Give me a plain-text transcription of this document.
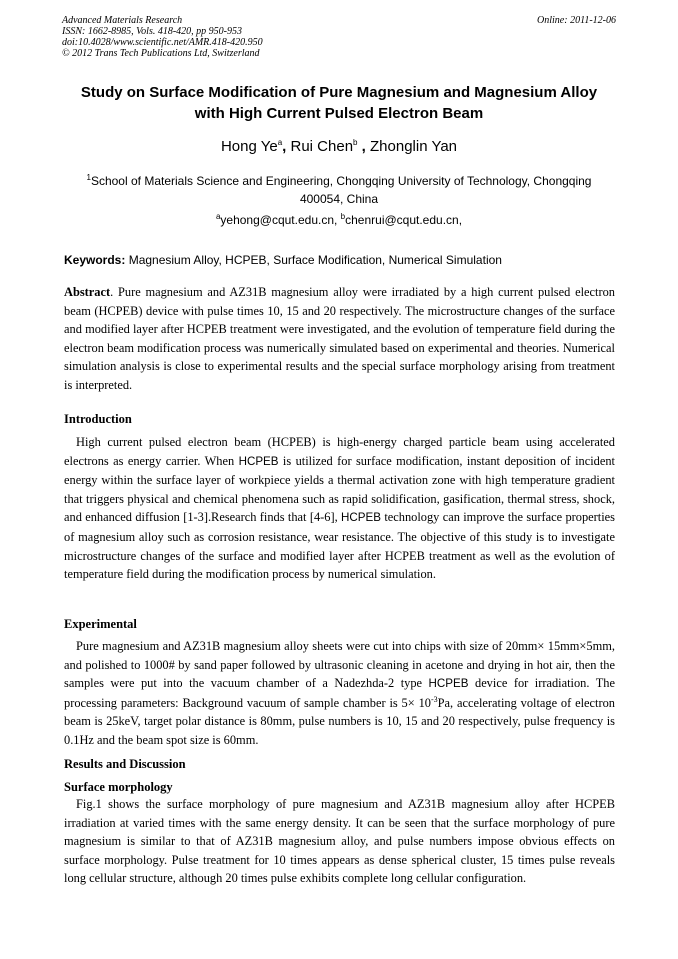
Advanced Materials Research
ISSN: 1662-8985, Vols. 418-420, pp 950-953
doi:10.4028/www.scientific.net/AMR.418-420.950
© 2012 Trans Tech Publications Ltd, Switzerland
Online: 2011-12-06
Study on Surface Modification of Pure Magnesium and Magnesium Alloy
with High Current Pulsed Electron Beam
Hong Ye$^a$, Rui Chen$^b$ , Zhonglin Yan
$^1$School of Materials Science and Engineering, Chongqing University of Technology, Chongqing
400054, China
$^a$yehong@cqut.edu.cn, $^b$chenrui@cqut.edu.cn,
Keywords: Magnesium Alloy, HCPEB, Surface Modification, Numerical Simulation
Abstract. Pure magnesium and AZ31B magnesium alloy were irradiated by a high current pulsed electron beam (HCPEB) device with pulse times 10, 15 and 20 respectively. The microstructure changes of the surface and modified layer after HCPEB treatment were investigated, and the evolution of temperature field during the electron beam modification process was numerically simulated based on experimental and theories. Numerical simulation analysis is close to experimental results and the special surface morphology arising from treatment is interpreted.
Introduction

High current pulsed electron beam (HCPEB) is high-energy charged particle beam using accelerated electrons as energy carrier. When HCPEB is utilized for surface modification, instant deposition of incident energy within the surface layer of workpiece yields a thermal activation zone with high temperature gradient that triggers physical and chemical phenomena such as rapid solidification, gasification, thermal stress, shock, and enhanced diffusion [1-3].Research finds that [4-6], HCPEB technology can improve the surface properties of magnesium alloy such as corrosion resistance, wear resistance. The objective of this study is to investigate microstructure changes of the surface and modified layer after HCPEB treatment as well as the evolution of temperature field during the modification process by numerical simulation.

Experimental

Pure magnesium and AZ31B magnesium alloy sheets were cut into chips with size of 20mm× 15mm×5mm, and polished to 1000# by sand paper followed by ultrasonic cleaning in acetone and drying in hot air, then the samples were put into the vacuum chamber of a Nadezhda-2 type HCPEB device for irradiation. The processing parameters: Background vacuum of sample chamber is $5\times 10^{-3}Pa$, accelerating voltage of electron beam is 25keV, target polar distance is 80mm, pulse numbers is 10, 15 and 20 respectively, pulse frequency is 0.1Hz and the beam spot size is 60mm.

Results and Discussion
Surface morphology

Fig.1 shows the surface morphology of pure magnesium and AZ31B magnesium alloy after HCPEB irradiation at varied times with the same energy density. It can be seen that the surface morphology of pure magnesium is similar to that of AZ31B magnesium alloy, and pulse numbers impose obvious effects on surface morphology. Pulse treatment for 10 times appears as dense spherical cluster, 15 times pulse reveals long cellular structure, although 20 times pulse exhibits complete long cellular configuration.
